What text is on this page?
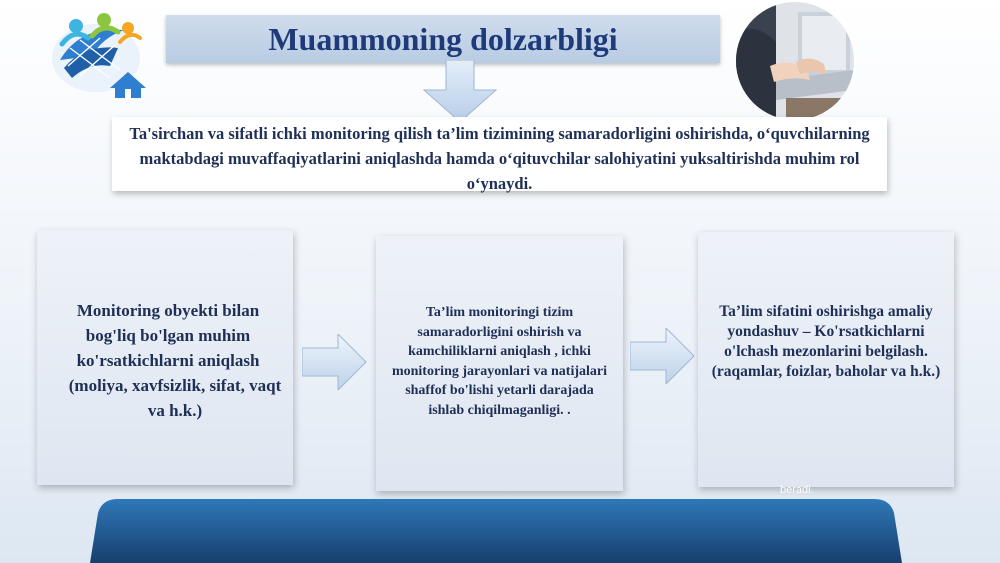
Muammoning dolzarbligi
Ta'sirchan va sifatli ichki monitoring qilish ta’lim tizimining samaradorligini oshirishda, o‘quvchilarning maktabdagi muvaffaqiyatlarini aniqlashda hamda o‘qituvchilar salohiyatini yuksaltirishda muhim rol o‘ynaydi.
Monitoring obyekti bilan bog'liq bo'lgan muhim ko'rsatkichlarni aniqlash
(moliya, xavfsizlik, sifat, vaqt va h.k.)
Ta’lim monitoringi tizim samaradorligini oshirish va kamchiliklarni aniqlash , ichki monitoring jarayonlari va natijalari shaffof bo'lishi yetarli darajada ishlab chiqilmaganligi. .
Ta’lim sifatini oshirishga amaliy yondashuv – Ko'rsatkichlarni o'lchash mezonlarini belgilash. (raqamlar, foizlar, baholar va h.k.)
beradi.
